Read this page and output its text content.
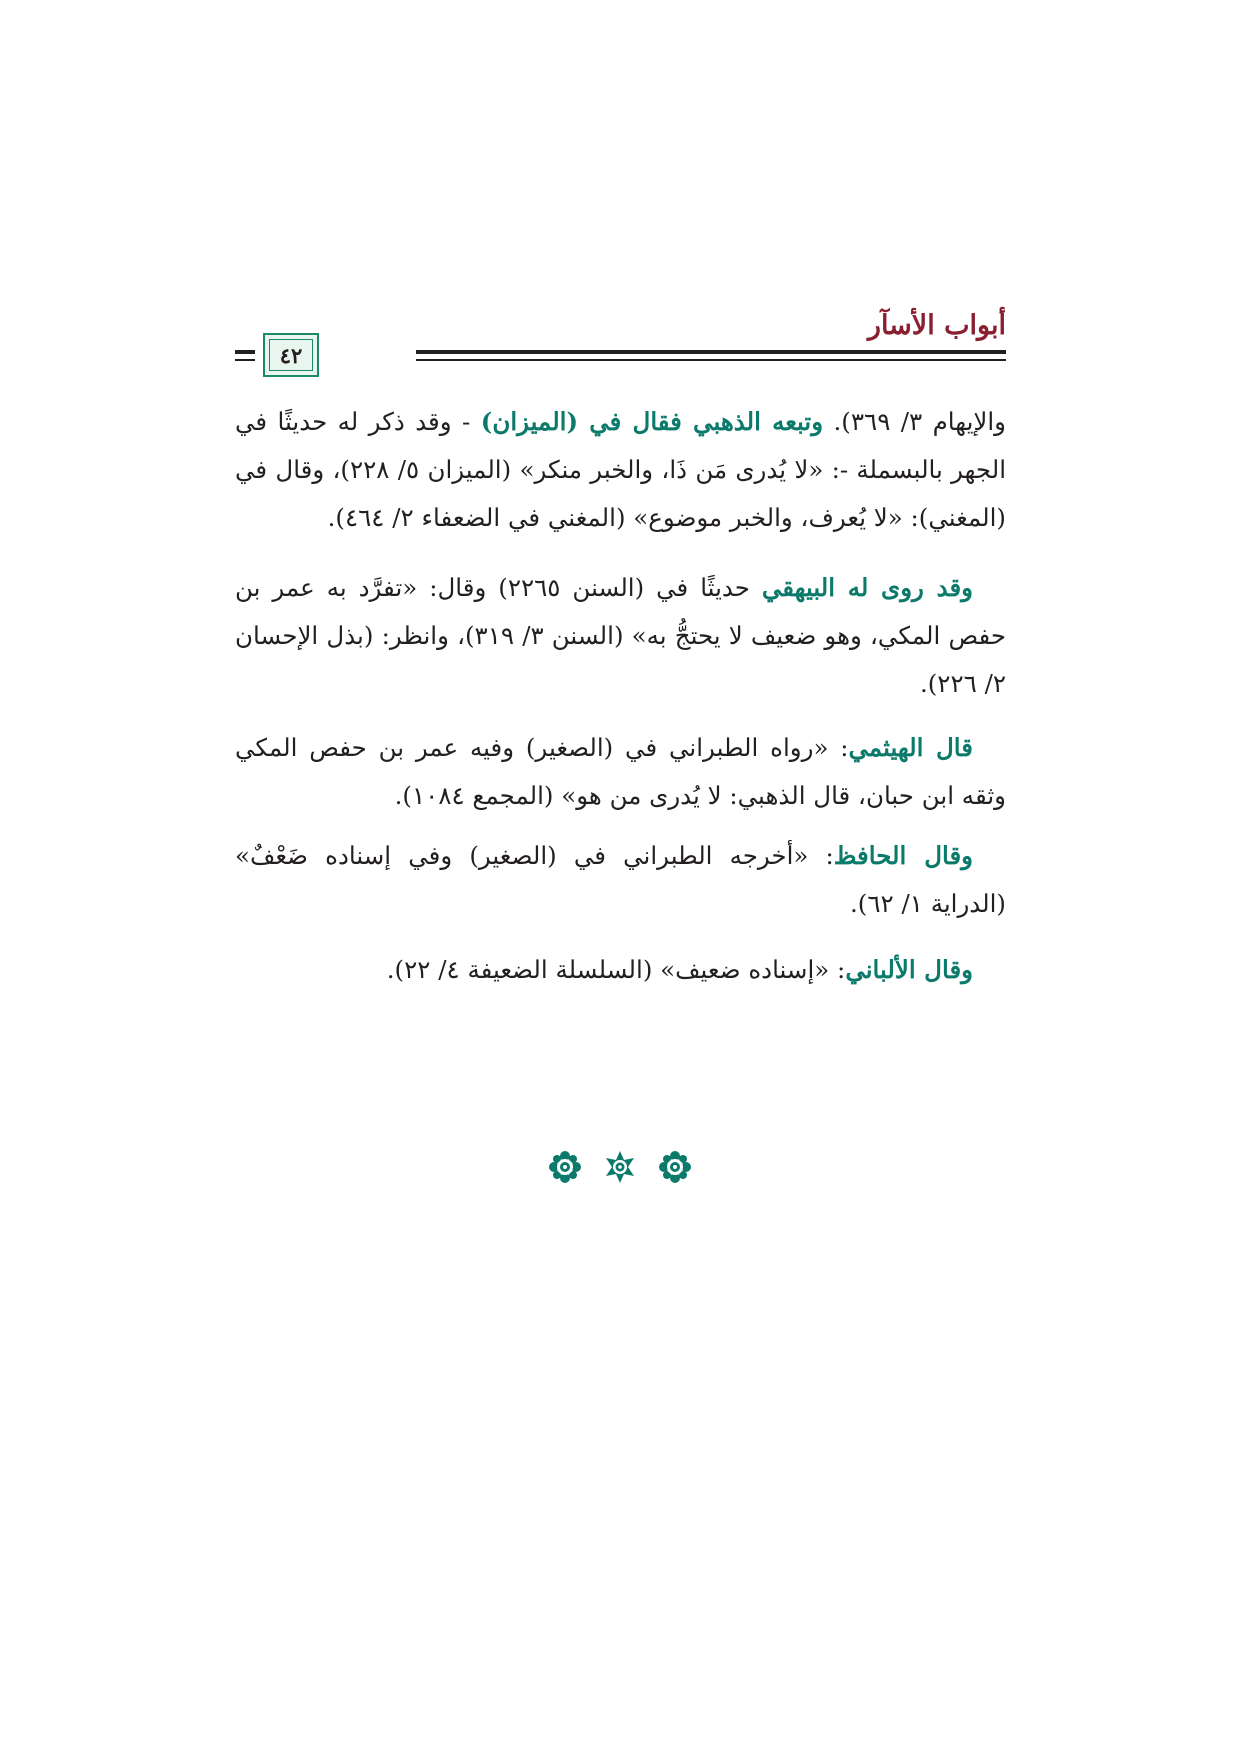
أبواب الأسآر
٤٢

والإيهام ٣/ ٣٦٩). وتبعه الذهبي فقال في (الميزان) - وقد ذكر له حديثًا في الجهر بالبسملة -: «لا يُدرى مَن ذَا، والخبر منكر» (الميزان ٥/ ٢٢٨)، وقال في (المغني): «لا يُعرف، والخبر موضوع» (المغني في الضعفاء ٢/ ٤٦٤).

وقد روى له البيهقي حديثًا في (السنن ٢٢٦٥) وقال: «تفرَّد به عمر بن حفص المكي، وهو ضعيف لا يحتجُّ به» (السنن ٣/ ٣١٩)، وانظر: (بذل الإحسان ٢/ ٢٢٦).

قال الهيثمي: «رواه الطبراني في (الصغير) وفيه عمر بن حفص المكي وثقه ابن حبان، قال الذهبي: لا يُدرى من هو» (المجمع ١٠٨٤).

وقال الحافظ: «أخرجه الطبراني في (الصغير) وفي إسناده ضَعْفٌ» (الدراية ١/ ٦٢).

وقال الألباني: «إسناده ضعيف» (السلسلة الضعيفة ٤/ ٢٢).
